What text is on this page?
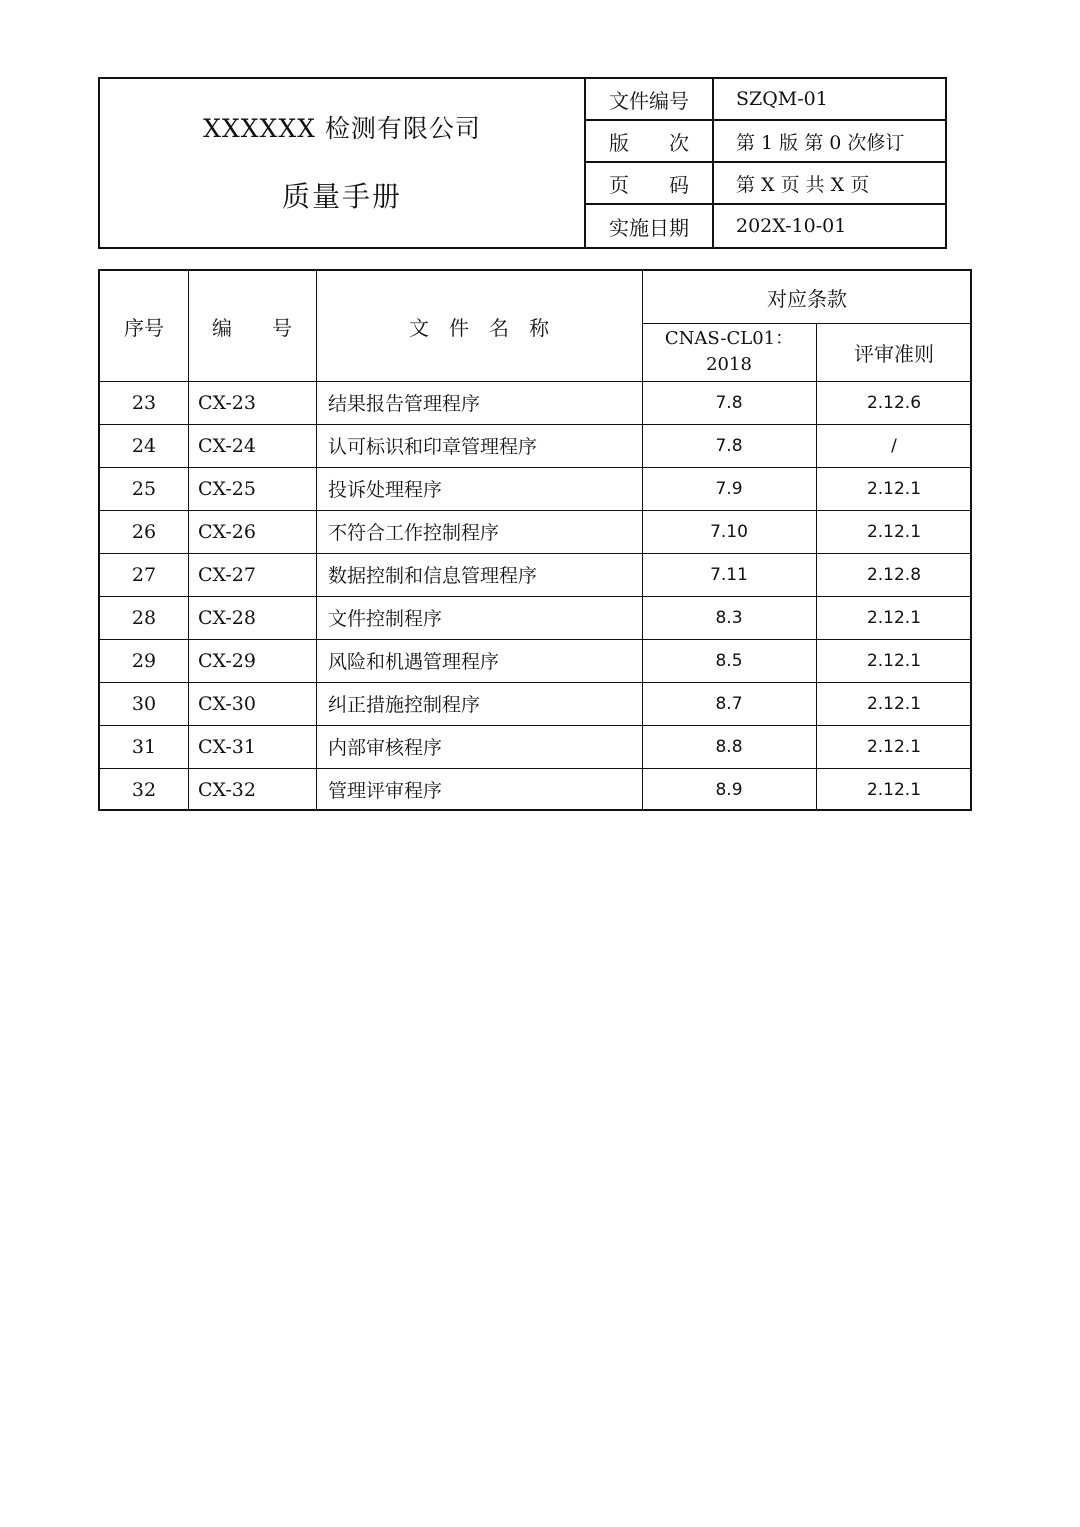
XXXXXX 检测有限公司
质量手册
文件编号	SZQM-01
版　　次	第 1 版 第 0 次修订
页　　码	第 X 页 共 X 页
实施日期	202X-10-01
序号	编　　号	文　件　名　称
对应条款
CNAS-CL01：
2018	评审准则
23	CX-23	结果报告管理程序	7.8	2.12.6
24	CX-24	认可标识和印章管理程序	7.8	/
25	CX-25	投诉处理程序	7.9	2.12.1
26	CX-26	不符合工作控制程序	7.10	2.12.1
27	CX-27	数据控制和信息管理程序	7.11	2.12.8
28	CX-28	文件控制程序	8.3	2.12.1
29	CX-29	风险和机遇管理程序	8.5	2.12.1
30	CX-30	纠正措施控制程序	8.7	2.12.1
31	CX-31	内部审核程序	8.8	2.12.1
32	CX-32	管理评审程序	8.9	2.12.1
